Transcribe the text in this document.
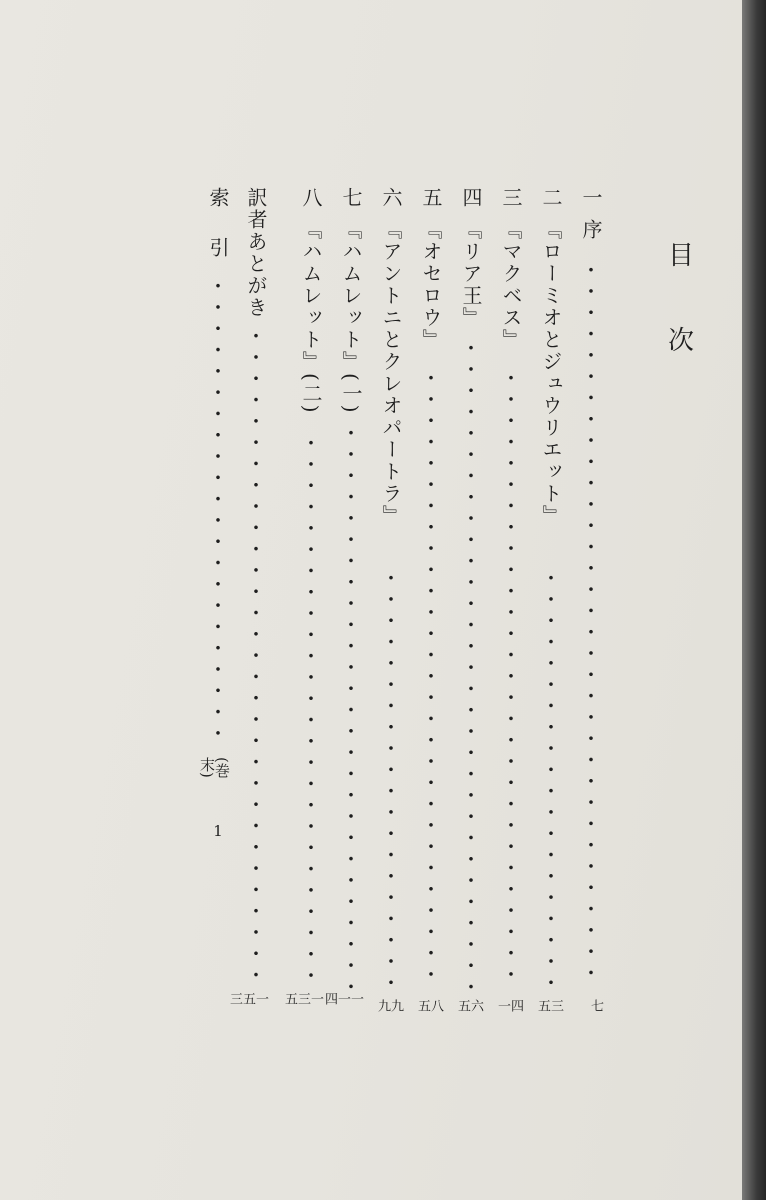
目
次
一
序
七
二
『ローミオとジュウリエット』
三五
三
『マクベス』
四一
四
『リア王』
六五
五
『オセロウ』
八五
六
『アントニとクレオパートラ』
九九
七
『ハムレット』(一)
一一四
八
『ハムレット』(二)
一三五
訳者あとがき
一五三
索
引
(巻末)
1
